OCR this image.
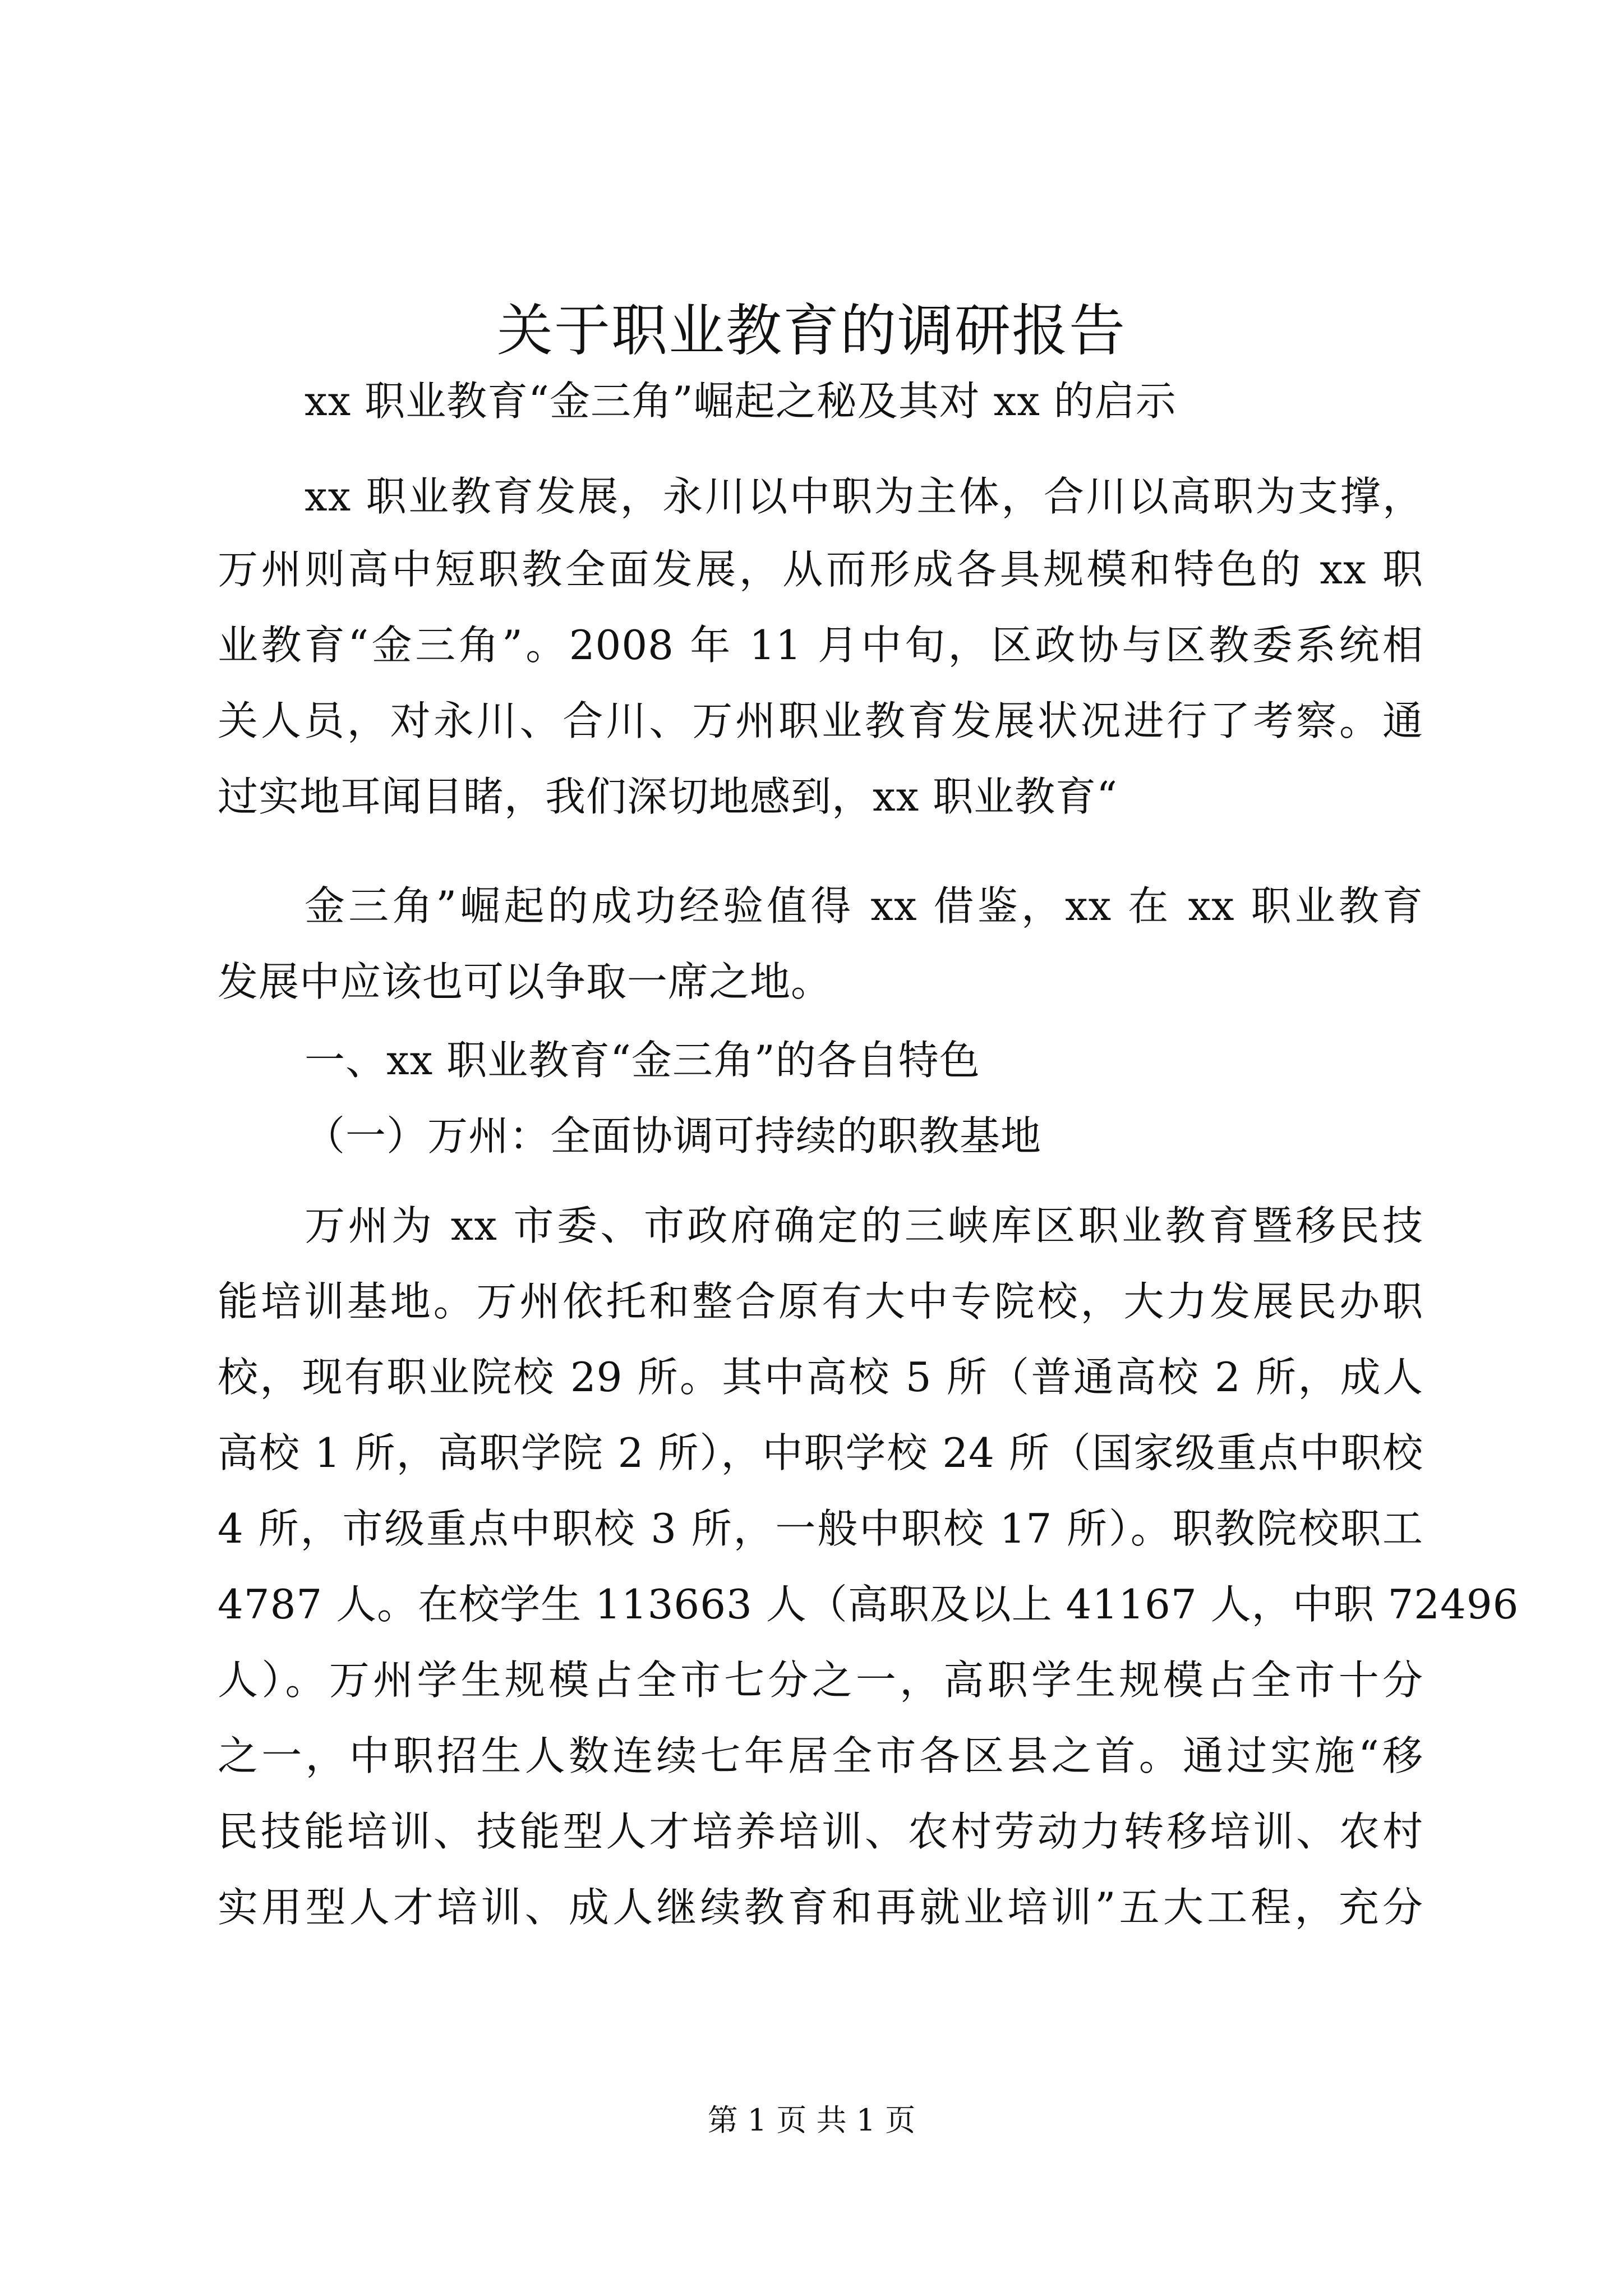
关于职业教育的调研报告
xx 职业教育“金三角”崛起之秘及其对 xx 的启示
xx 职业教育发展，永川以中职为主体，合川以高职为支撑，
万州则高中短职教全面发展，从而形成各具规模和特色的 xx 职
业教育“金三角”。2008 年 11 月中旬，区政协与区教委系统相
关人员，对永川、合川、万州职业教育发展状况进行了考察。通
过实地耳闻目睹，我们深切地感到，xx 职业教育“
金三角”崛起的成功经验值得 xx 借鉴，xx 在 xx 职业教育
发展中应该也可以争取一席之地。
一、xx 职业教育“金三角”的各自特色
（一）万州：全面协调可持续的职教基地
万州为 xx 市委、市政府确定的三峡库区职业教育暨移民技
能培训基地。万州依托和整合原有大中专院校，大力发展民办职
校，现有职业院校 29 所。其中高校 5 所（普通高校 2 所，成人
高校 1 所，高职学院 2 所），中职学校 24 所（国家级重点中职校
4 所，市级重点中职校 3 所，一般中职校 17 所）。职教院校职工
4787 人。在校学生 113663 人（高职及以上 41167 人，中职 72496
人）。万州学生规模占全市七分之一，高职学生规模占全市十分
之一，中职招生人数连续七年居全市各区县之首。通过实施“移
民技能培训、技能型人才培养培训、农村劳动力转移培训、农村
实用型人才培训、成人继续教育和再就业培训”五大工程，充分
第 1 页 共 1 页
